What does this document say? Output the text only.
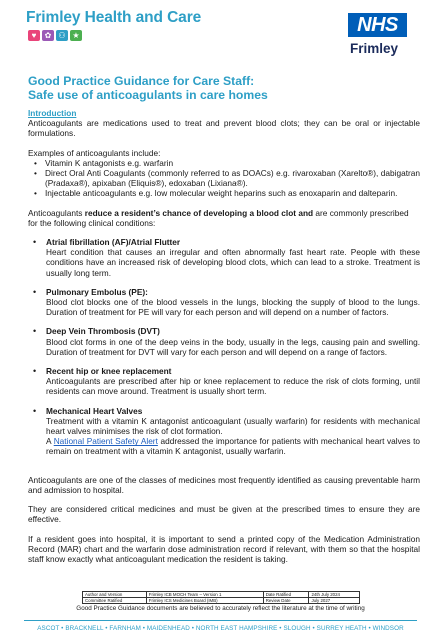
Frimley Health and Care
♥	✿ ⚇ ★	NHS
Frimley
Good Practice Guidance for Care Staff:
Safe use of anticoagulants in care homes

Introduction

Anticoagulants are medications used to treat and prevent blood clots; they can be oral or injectable formulations.

Examples of anticoagulants include:

• Vitamin K antagonists e.g. warfarin
• Direct Oral Anti Coagulants (commonly referred to as DOACs) e.g. rivaroxaban (Xarelto®), dabigatran (Pradaxa®), apixaban (Eliquis®), edoxaban (Lixiana®).
• Injectable anticoagulants e.g. low molecular weight heparins such as enoxaparin and dalteparin.

Anticoagulants reduce a resident’s chance of developing a blood clot and are commonly prescribed for the following clinical conditions:

• Atrial fibrillation (AF)/Atrial Flutter

Heart condition that causes an irregular and often abnormally fast heart rate. People with these conditions have an increased risk of developing blood clots, which can lead to a stroke. Treatment is usually long term.

• Pulmonary Embolus (PE):

Blood clot blocks one of the blood vessels in the lungs, blocking the supply of blood to the lungs. Duration of treatment for PE will vary for each person and will depend on a number of factors.

• Deep Vein Thrombosis (DVT)

Blood clot forms in one of the deep veins in the body, usually in the legs, causing pain and swelling. Duration of treatment for DVT will vary for each person and will depend on a range of factors.

• Recent hip or knee replacement

Anticoagulants are prescribed after hip or knee replacement to reduce the risk of clots forming, until residents can move around. Treatment is usually short term.

• Mechanical Heart Valves

Treatment with a vitamin K antagonist anticoagulant (usually warfarin) for residents with mechanical heart valves minimises the risk of clot formation.

A National Patient Safety Alert addressed the importance for patients with mechanical heart valves to remain on treatment with a vitamin K antagonist, usually warfarin.

Anticoagulants are one of the classes of medicines most frequently identified as causing preventable harm and admission to hospital.

They are considered critical medicines and must be given at the prescribed times to ensure they are effective.

If a resident goes into hospital, it is important to send a printed copy of the Medication Administration Record (MAR) chart and the warfarin dose administration record if relevant, with them so that the hospital staff know exactly what anticoagulant medication the resident is taking.

Author and Version	Frimley ICB MOCH Team – Version 1	Date Ratified	24th July 2024
Committee Ratified	Frimley ICS Medicines Board (IMB)	Review Date	July 2027
Good Practice Guidance documents are believed to accurately reflect the literature at the time of writing
ASCOT • BRACKNELL • FARNHAM • MAIDENHEAD • NORTH EAST HAMPSHIRE • SLOUGH • SURREY HEATH • WINDSOR
